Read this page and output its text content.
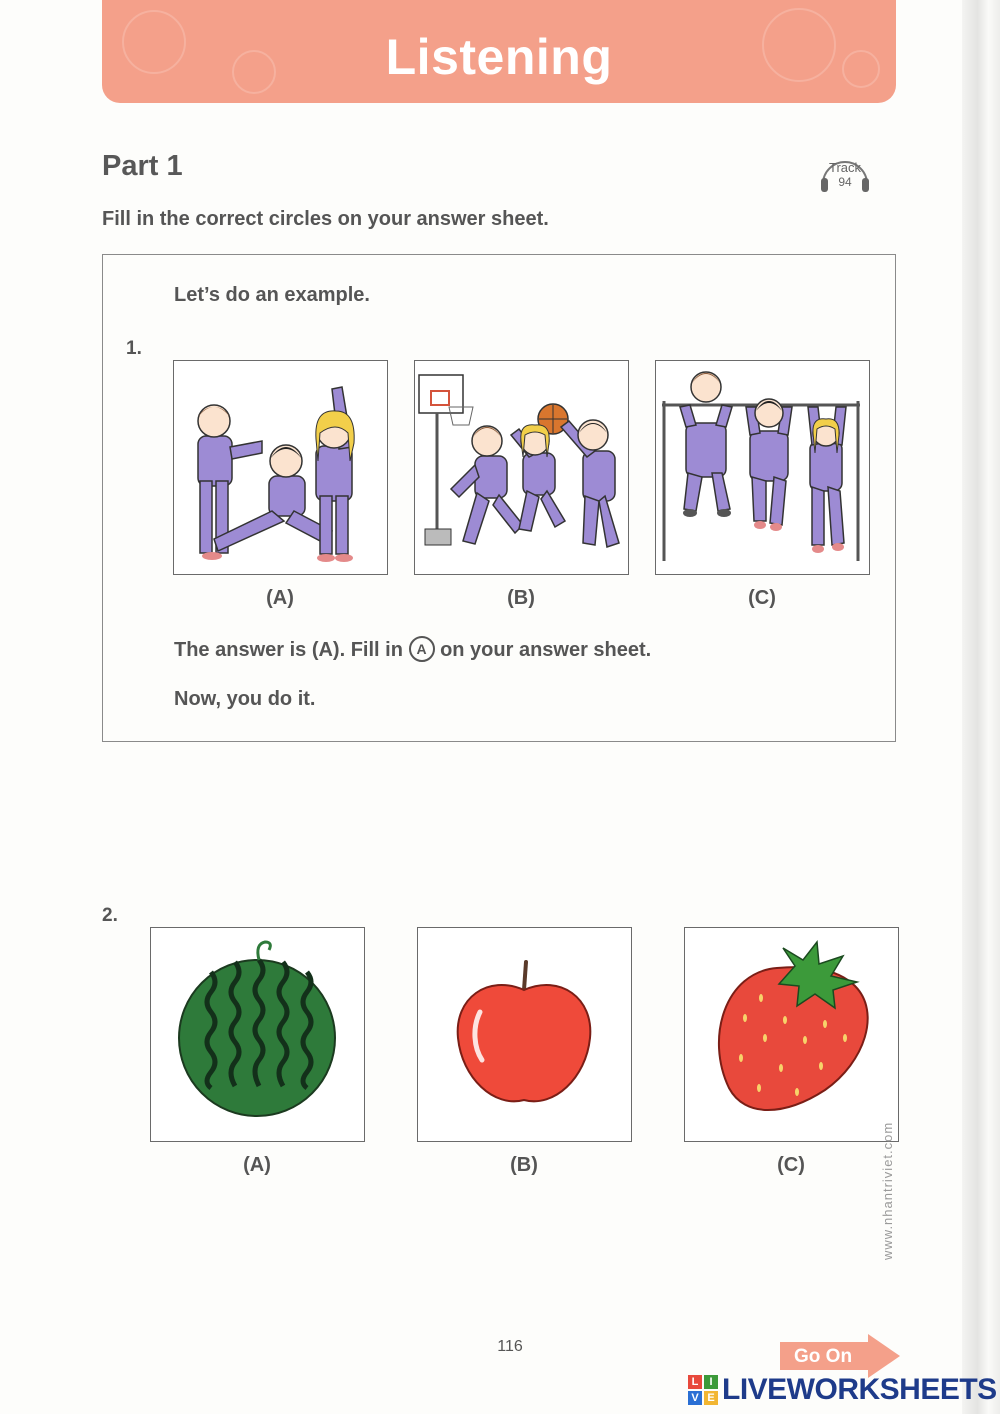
Listening
Part 1
Fill in the correct circles on your answer sheet.
Track
94
Let’s do an example.
1.
(A)	(B)	(C)
The answer is (A). Fill in A on your answer sheet.
Now, you do it.
2.
(A)	(B)	(C)	www.nhantriviet.com
116	Go On
L	I
V E LIVEWORKSHEETS
